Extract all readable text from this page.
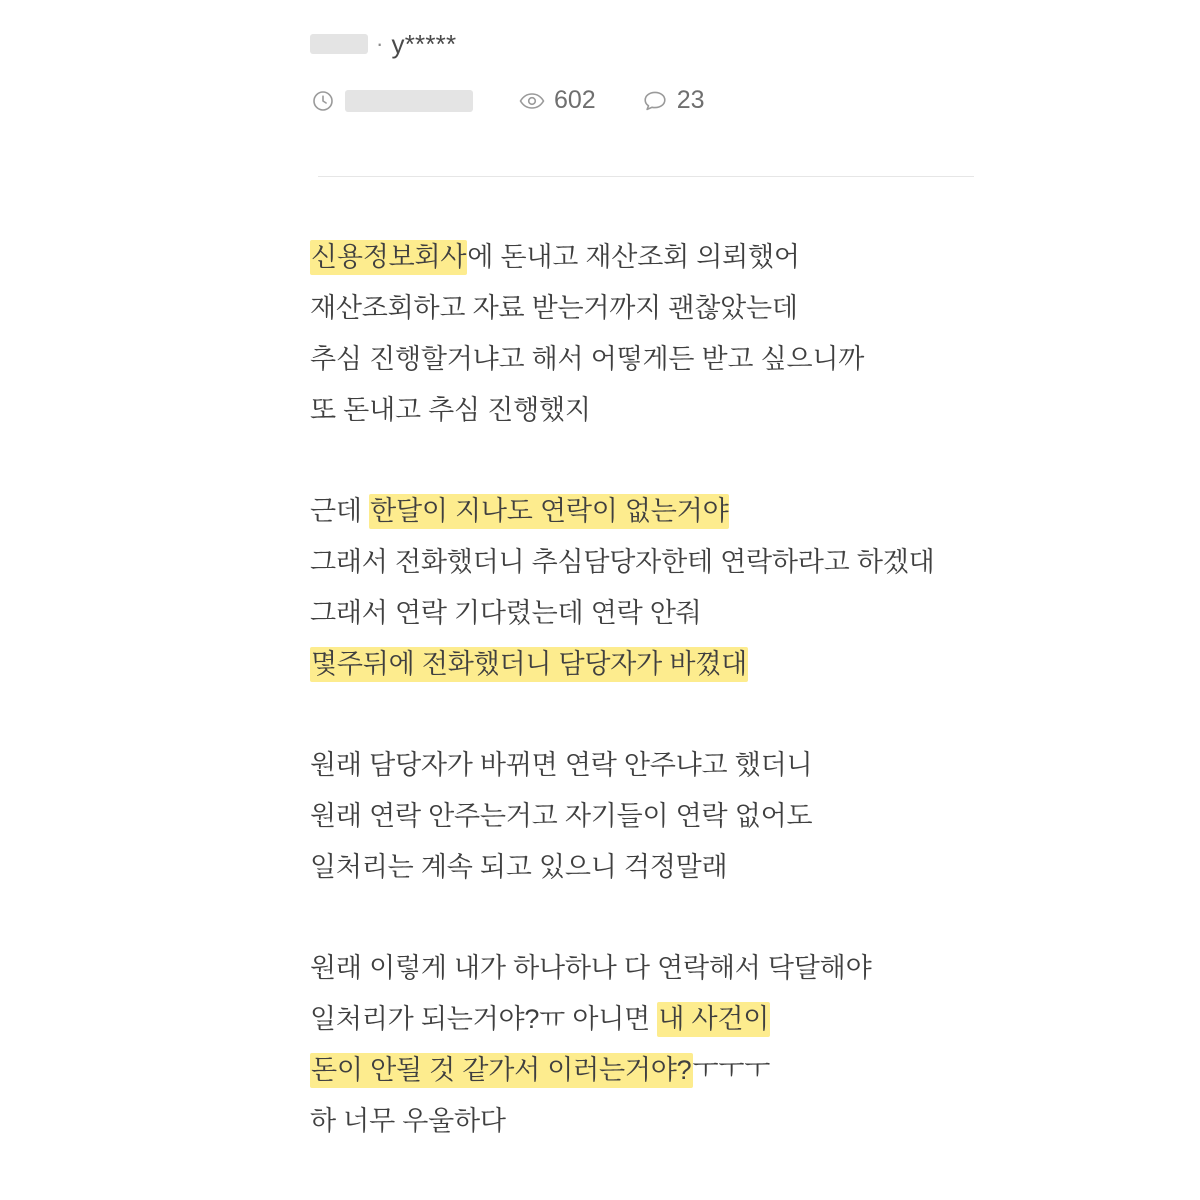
· y*****
602	23
신용정보회사에 돈내고 재산조회 의뢰했어
재산조회하고 자료 받는거까지 괜찮았는데
추심 진행할거냐고 해서 어떻게든 받고 싶으니까
또 돈내고 추심 진행했지
근데 한달이 지나도 연락이 없는거야
그래서 전화했더니 추심담당자한테 연락하라고 하겠대
그래서 연락 기다렸는데 연락 안줘
몇주뒤에 전화했더니 담당자가 바꼈대
원래 담당자가 바뀌면 연락 안주냐고 했더니
원래 연락 안주는거고 자기들이 연락 없어도
일처리는 계속 되고 있으니 걱정말래
원래 이렇게 내가 하나하나 다 연락해서 닥달해야
일처리가 되는거야?ㅠ 아니면 내 사건이
돈이 안될 것 같가서 이러는거야?ㅜㅜㅜ
하 너무 우울하다
